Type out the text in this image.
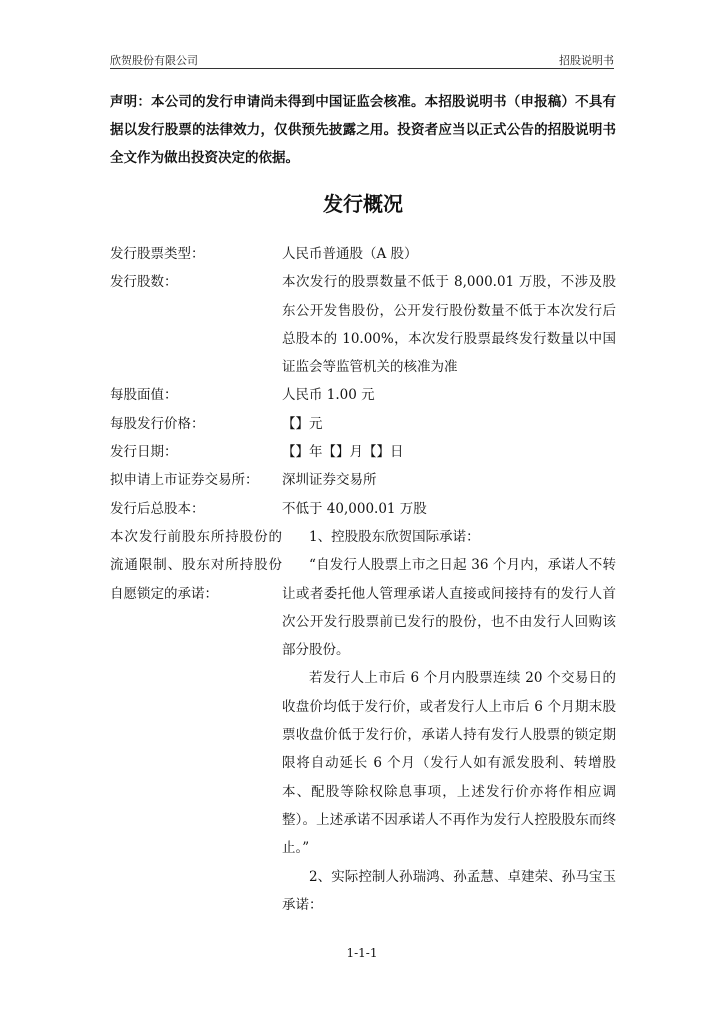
欣贺股份有限公司	招股说明书

声明：本公司的发行申请尚未得到中国证监会核准。本招股说明书（申报稿）不具有据以发行股票的法律效力，仅供预先披露之用。投资者应当以正式公告的招股说明书全文作为做出投资决定的依据。

发行概况
发行股票类型：	人民币普通股（A 股）
发行股数：	本次发行的股票数量不低于 8,000.01 万股，不涉及股东公开发售股份，公开发行股份数量不低于本次发行后总股本的 10.00%，本次发行股票最终发行数量以中国证监会等监管机关的核准为准
每股面值：	人民币 1.00 元
每股发行价格：	【】元
发行日期：	【】年【】月【】日
拟申请上市证券交易所：	深圳证券交易所
发行后总股本：	不低于 40,000.01 万股
本次发行前股东所持股份的流通限制、股东对所持股份自愿锁定的承诺：

1、控股股东欣贺国际承诺：

“自发行人股票上市之日起 36 个月内，承诺人不转让或者委托他人管理承诺人直接或间接持有的发行人首次公开发行股票前已发行的股份，也不由发行人回购该部分股份。

若发行人上市后 6 个月内股票连续 20 个交易日的收盘价均低于发行价，或者发行人上市后 6 个月期末股票收盘价低于发行价，承诺人持有发行人股票的锁定期限将自动延长 6 个月（发行人如有派发股利、转增股本、配股等除权除息事项，上述发行价亦将作相应调整）。上述承诺不因承诺人不再作为发行人控股股东而终止。”

2、实际控制人孙瑞鸿、孙孟慧、卓建荣、孙马宝玉承诺：

1-1-1
